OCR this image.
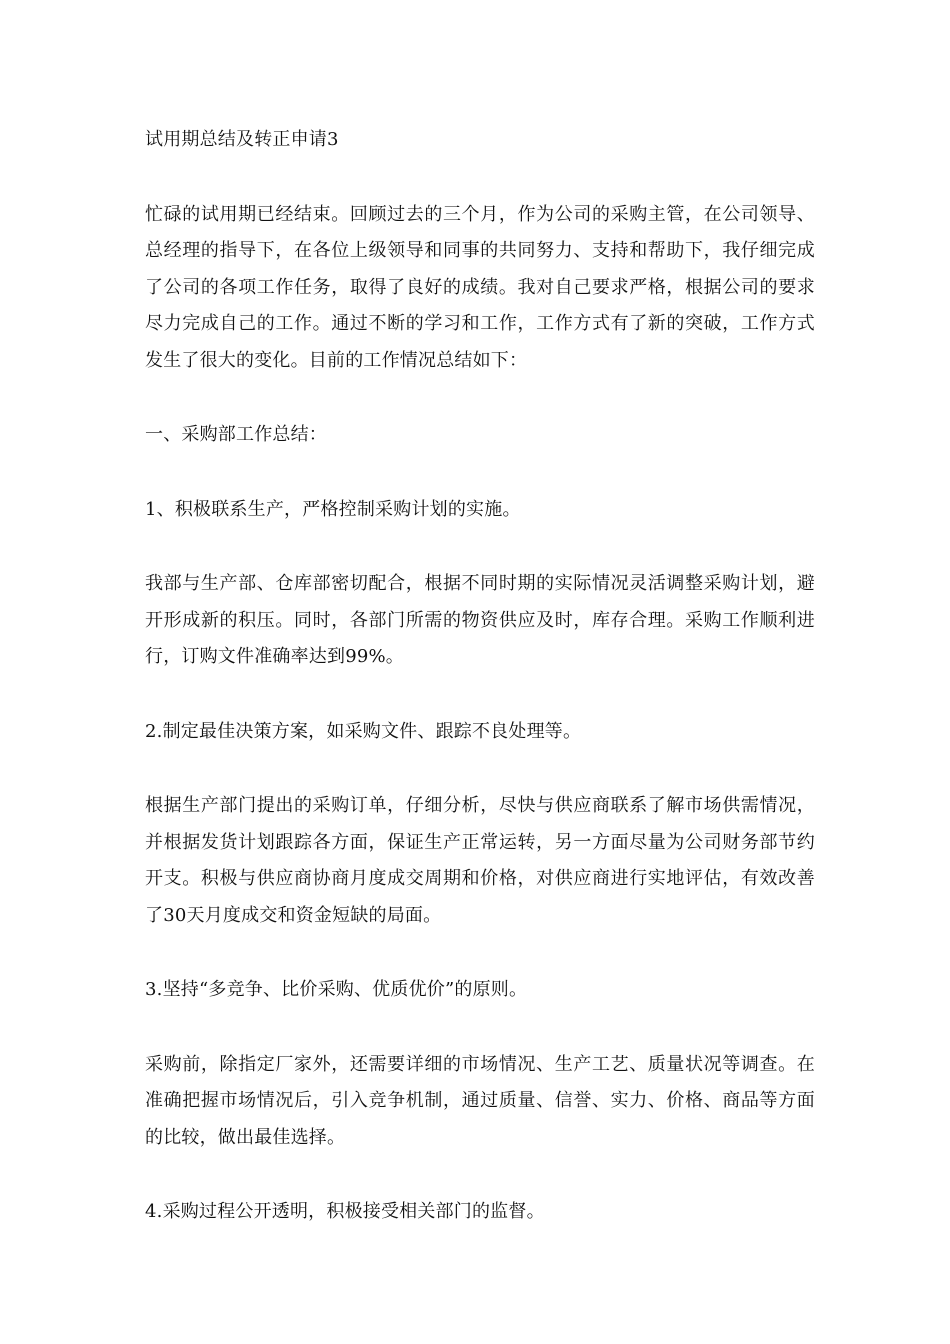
试用期总结及转正申请3
忙碌的试用期已经结束。回顾过去的三个月，作为公司的采购主管，在公司领导、总经理的指导下，在各位上级领导和同事的共同努力、支持和帮助下，我仔细完成了公司的各项工作任务，取得了良好的成绩。我对自己要求严格，根据公司的要求尽力完成自己的工作。通过不断的学习和工作，工作方式有了新的突破，工作方式发生了很大的变化。目前的工作情况总结如下：
一、采购部工作总结：
1、积极联系生产，严格控制采购计划的实施。
我部与生产部、仓库部密切配合，根据不同时期的实际情况灵活调整采购计划，避开形成新的积压。同时，各部门所需的物资供应及时，库存合理。采购工作顺利进行，订购文件准确率达到99%。
2.制定最佳决策方案，如采购文件、跟踪不良处理等。
根据生产部门提出的采购订单，仔细分析，尽快与供应商联系了解市场供需情况，并根据发货计划跟踪各方面，保证生产正常运转，另一方面尽量为公司财务部节约开支。积极与供应商协商月度成交周期和价格，对供应商进行实地评估，有效改善了30天月度成交和资金短缺的局面。
3.坚持“多竞争、比价采购、优质优价”的原则。
采购前，除指定厂家外，还需要详细的市场情况、生产工艺、质量状况等调查。在准确把握市场情况后，引入竞争机制，通过质量、信誉、实力、价格、商品等方面的比较，做出最佳选择。
4.采购过程公开透明，积极接受相关部门的监督。
